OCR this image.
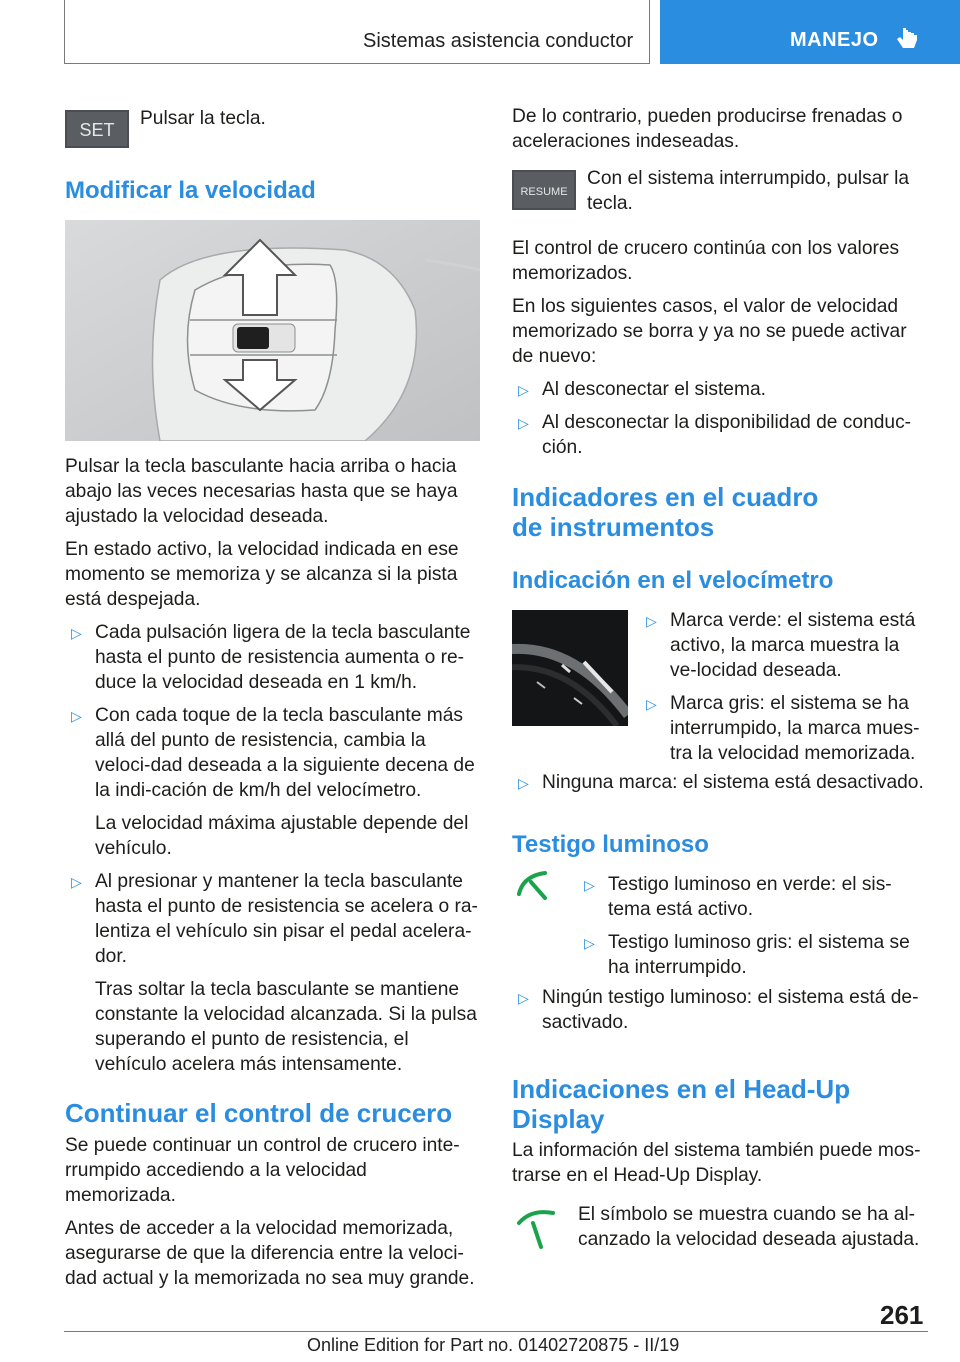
Sistemas asistencia conductor	MANEJO
SET
Pulsar la tecla.
Modificar la velocidad

Pulsar la tecla basculante hacia arriba o hacia abajo las veces necesarias hasta que se haya ajustado la velocidad deseada.

En estado activo, la velocidad indicada en ese momento se memoriza y se alcanza si la pista está despejada.

▷ Cada pulsación ligera de la tecla basculante hasta el punto de resistencia aumenta o re-duce la velocidad deseada en 1 km/h.
▷ Con cada toque de la tecla basculante más allá del punto de resistencia, cambia la veloci-dad deseada a la siguiente decena de la indi-cación de km/h del velocímetro.
La velocidad máxima ajustable depende del vehículo.
▷ Al presionar y mantener la tecla basculante hasta el punto de resistencia se acelera o ra-lentiza el vehículo sin pisar el pedal acelera-dor.
Tras soltar la tecla basculante se mantiene constante la velocidad alcanzada. Si la pulsa superando el punto de resistencia, el vehículo acelera más intensamente.
Continuar el control de crucero

Se puede continuar un control de crucero inte-rrumpido accediendo a la velocidad memorizada.

Antes de acceder a la velocidad memorizada, asegurarse de que la diferencia entre la veloci-dad actual y la memorizada no sea muy grande.

De lo contrario, pueden producirse frenadas o aceleraciones indeseadas.
RESUME
Con el sistema interrumpido, pulsar la tecla.

El control de crucero continúa con los valores memorizados.

En los siguientes casos, el valor de velocidad memorizado se borra y ya no se puede activar de nuevo:

▷ Al desconectar el sistema.
▷ Al desconectar la disponibilidad de conduc-ción.
Indicadores en el cuadro de instrumentos
Indicación en el velocímetro
▷ Marca verde: el sistema está activo, la marca muestra la ve-locidad deseada.
▷ Marca gris: el sistema se ha interrumpido, la marca mues-tra la velocidad memorizada.
▷ Ninguna marca: el sistema está desactivado.
Testigo luminoso
▷ Testigo luminoso en verde: el sis-tema está activo.
▷ Testigo luminoso gris: el sistema se ha interrumpido.
▷ Ningún testigo luminoso: el sistema está de-sactivado.
Indicaciones en el Head-Up Display
La información del sistema también puede mos-trarse en el Head-Up Display.
El símbolo se muestra cuando se ha al-canzado la velocidad deseada ajustada.
261
Online Edition for Part no. 01402720875 - II/19
